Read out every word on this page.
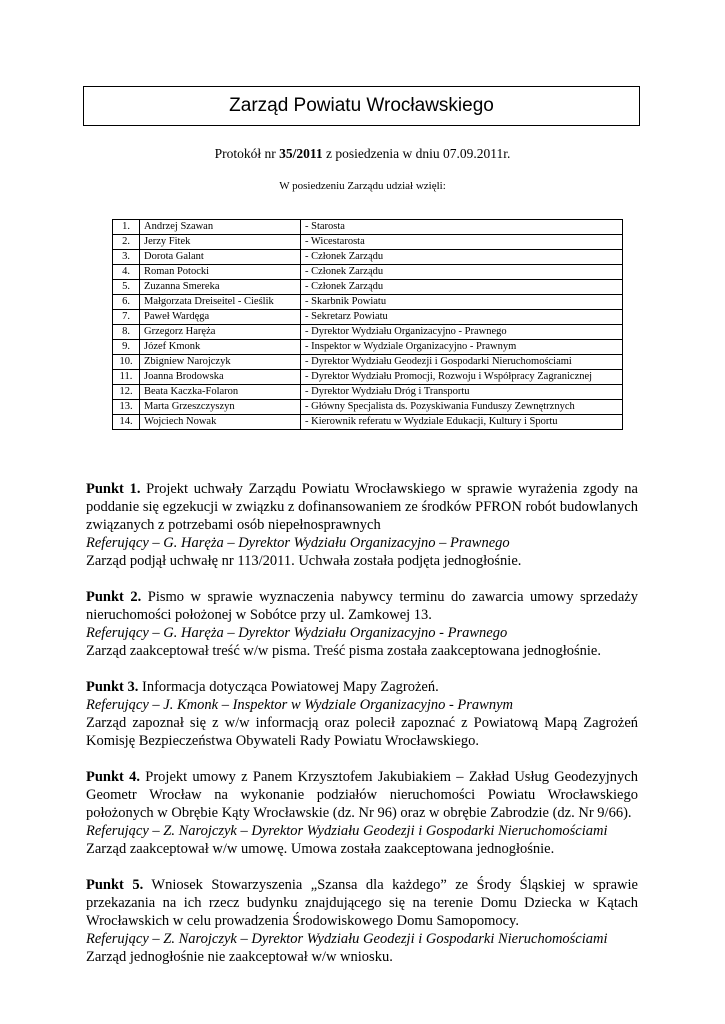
Zarząd Powiatu Wrocławskiego
Protokół nr 35/2011 z posiedzenia w dniu 07.09.2011r.
W posiedzeniu Zarządu udział wzięli:
1.	Andrzej Szawan	- Starosta
2.	Jerzy Fitek	- Wicestarosta
3.	Dorota Galant	- Członek Zarządu
4.	Roman Potocki	- Członek Zarządu
5.	Zuzanna Smereka	- Członek Zarządu
6.	Małgorzata Dreiseitel - Cieślik	- Skarbnik Powiatu
7.	Paweł Wardęga	- Sekretarz Powiatu
8.	Grzegorz Haręża	- Dyrektor Wydziału Organizacyjno - Prawnego
9.	Józef Kmonk	- Inspektor w Wydziale Organizacyjno - Prawnym
10.	Zbigniew Narojczyk	- Dyrektor Wydziału Geodezji i Gospodarki Nieruchomościami
11.	Joanna Brodowska	- Dyrektor Wydziału Promocji, Rozwoju i Współpracy Zagranicznej
12.	Beata Kaczka-Folaron	- Dyrektor Wydziału Dróg i Transportu
13.	Marta Grzeszczyszyn	- Główny Specjalista ds. Pozyskiwania Funduszy Zewnętrznych
14.	Wojciech Nowak	- Kierownik referatu w Wydziale Edukacji, Kultury i Sportu

Punkt 1. Projekt uchwały Zarządu Powiatu Wrocławskiego w sprawie wyrażenia zgody na poddanie się egzekucji w związku z dofinansowaniem ze środków PFRON robót budowlanych związanych z potrzebami osób niepełnosprawnych

Referujący – G. Haręża – Dyrektor Wydziału Organizacyjno – Prawnego

Zarząd podjął uchwałę nr 113/2011. Uchwała została podjęta jednogłośnie.

Punkt 2. Pismo w sprawie wyznaczenia nabywcy terminu do zawarcia umowy sprzedaży nieruchomości położonej w Sobótce przy ul. Zamkowej 13.

Referujący – G. Haręża – Dyrektor Wydziału Organizacyjno - Prawnego

Zarząd zaakceptował treść w/w pisma. Treść pisma została zaakceptowana jednogłośnie.

Punkt 3. Informacja dotycząca Powiatowej Mapy Zagrożeń.

Referujący – J. Kmonk – Inspektor w Wydziale Organizacyjno - Prawnym

Zarząd zapoznał się z w/w informacją oraz polecił zapoznać z Powiatową Mapą Zagrożeń Komisję Bezpieczeństwa Obywateli Rady Powiatu Wrocławskiego.

Punkt 4. Projekt umowy z Panem Krzysztofem Jakubiakiem – Zakład Usług Geodezyjnych Geometr Wrocław na wykonanie podziałów nieruchomości Powiatu Wrocławskiego położonych w Obrębie Kąty Wrocławskie (dz. Nr 96) oraz w obrębie Zabrodzie (dz. Nr 9/66).

Referujący – Z. Narojczyk – Dyrektor Wydziału Geodezji i Gospodarki Nieruchomościami

Zarząd zaakceptował w/w umowę. Umowa została zaakceptowana jednogłośnie.

Punkt 5. Wniosek Stowarzyszenia „Szansa dla każdego” ze Środy Śląskiej w sprawie przekazania na ich rzecz budynku znajdującego się na terenie Domu Dziecka w Kątach Wrocławskich w celu prowadzenia Środowiskowego Domu Samopomocy.

Referujący – Z. Narojczyk – Dyrektor Wydziału Geodezji i Gospodarki Nieruchomościami

Zarząd jednogłośnie nie zaakceptował w/w wniosku.
